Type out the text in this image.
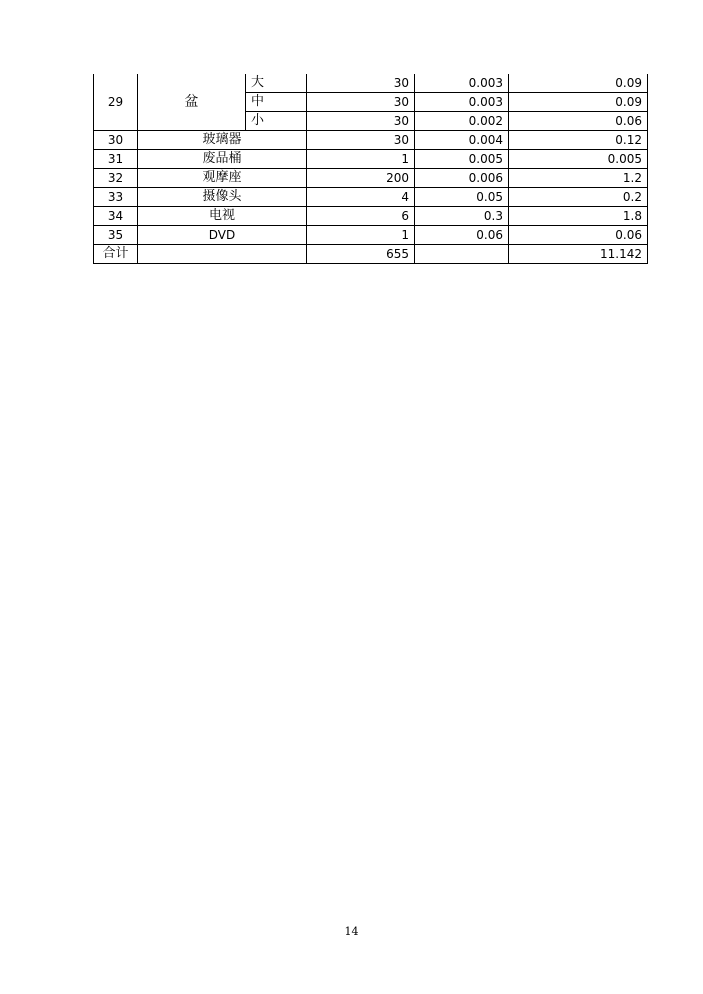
29	盆	大	30	0.003	0.09
		中	30	0.003	0.09
		小	30	0.002	0.06
30	玻璃器		30	0.004	0.12
31	废品桶		1	0.005	0.005
32	观摩座		200	0.006	1.2
33	摄像头		4	0.05	0.2
34	电视		6	0.3	1.8
35	DVD		1	0.06	0.06
合计			655		11.142
14
